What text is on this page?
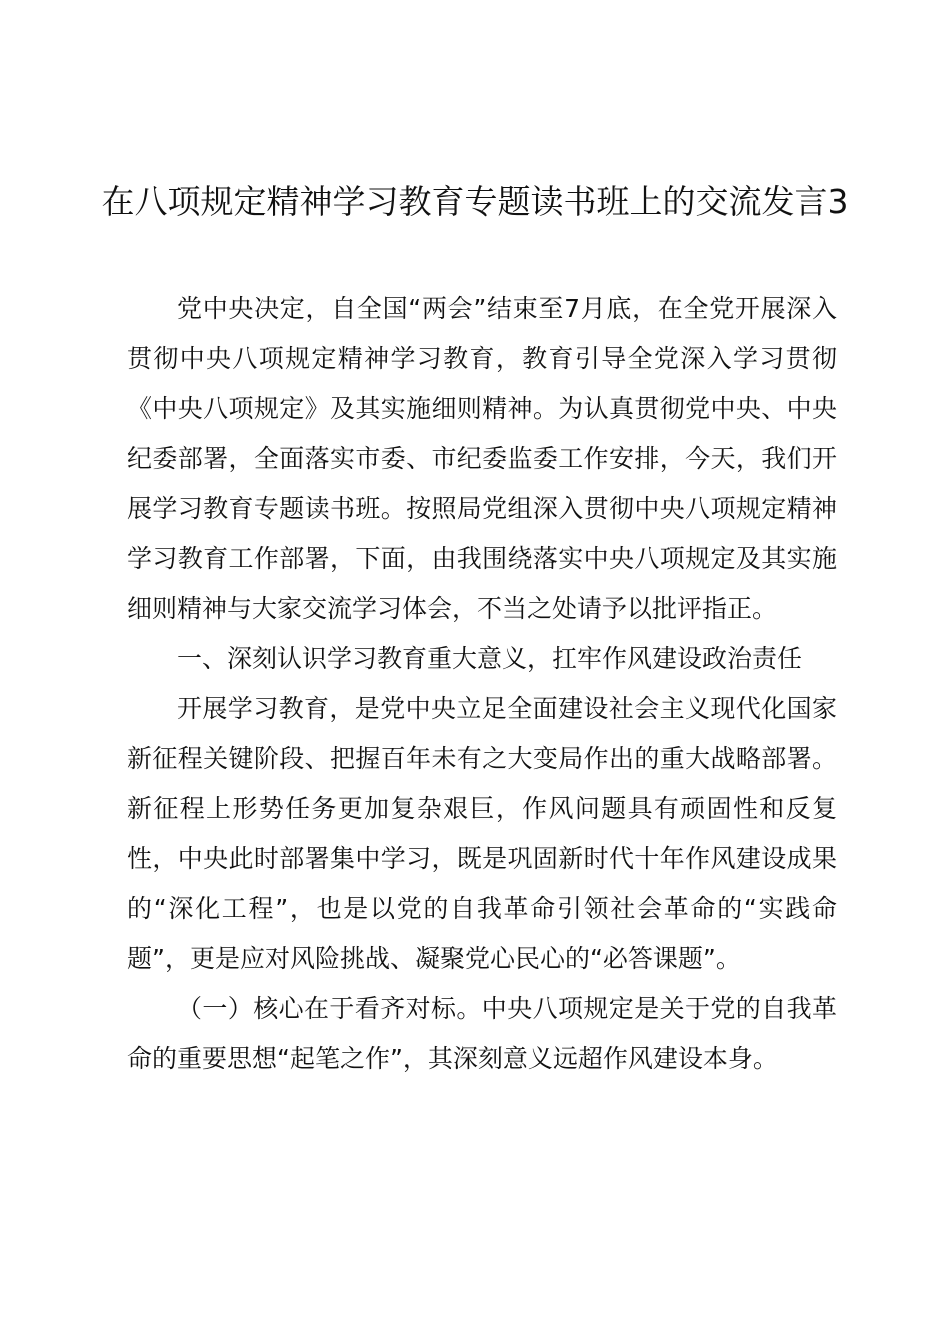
在八项规定精神学习教育专题读书班上的交流发言3

党中央决定，自全国“两会”结束至7月底，在全党开展深入贯彻中央八项规定精神学习教育，教育引导全党深入学习贯彻《中央八项规定》及其实施细则精神。为认真贯彻党中央、中央纪委部署，全面落实市委、市纪委监委工作安排，今天，我们开展学习教育专题读书班。按照局党组深入贯彻中央八项规定精神学习教育工作部署，下面，由我围绕落实中央八项规定及其实施细则精神与大家交流学习体会，不当之处请予以批评指正。

一、深刻认识学习教育重大意义，扛牢作风建设政治责任

开展学习教育，是党中央立足全面建设社会主义现代化国家新征程关键阶段、把握百年未有之大变局作出的重大战略部署。新征程上形势任务更加复杂艰巨，作风问题具有顽固性和反复性，中央此时部署集中学习，既是巩固新时代十年作风建设成果的“深化工程”，也是以党的自我革命引领社会革命的“实践命题”，更是应对风险挑战、凝聚党心民心的“必答课题”。

（一）核心在于看齐对标。中央八项规定是关于党的自我革命的重要思想“起笔之作”，其深刻意义远超作风建设本身。
